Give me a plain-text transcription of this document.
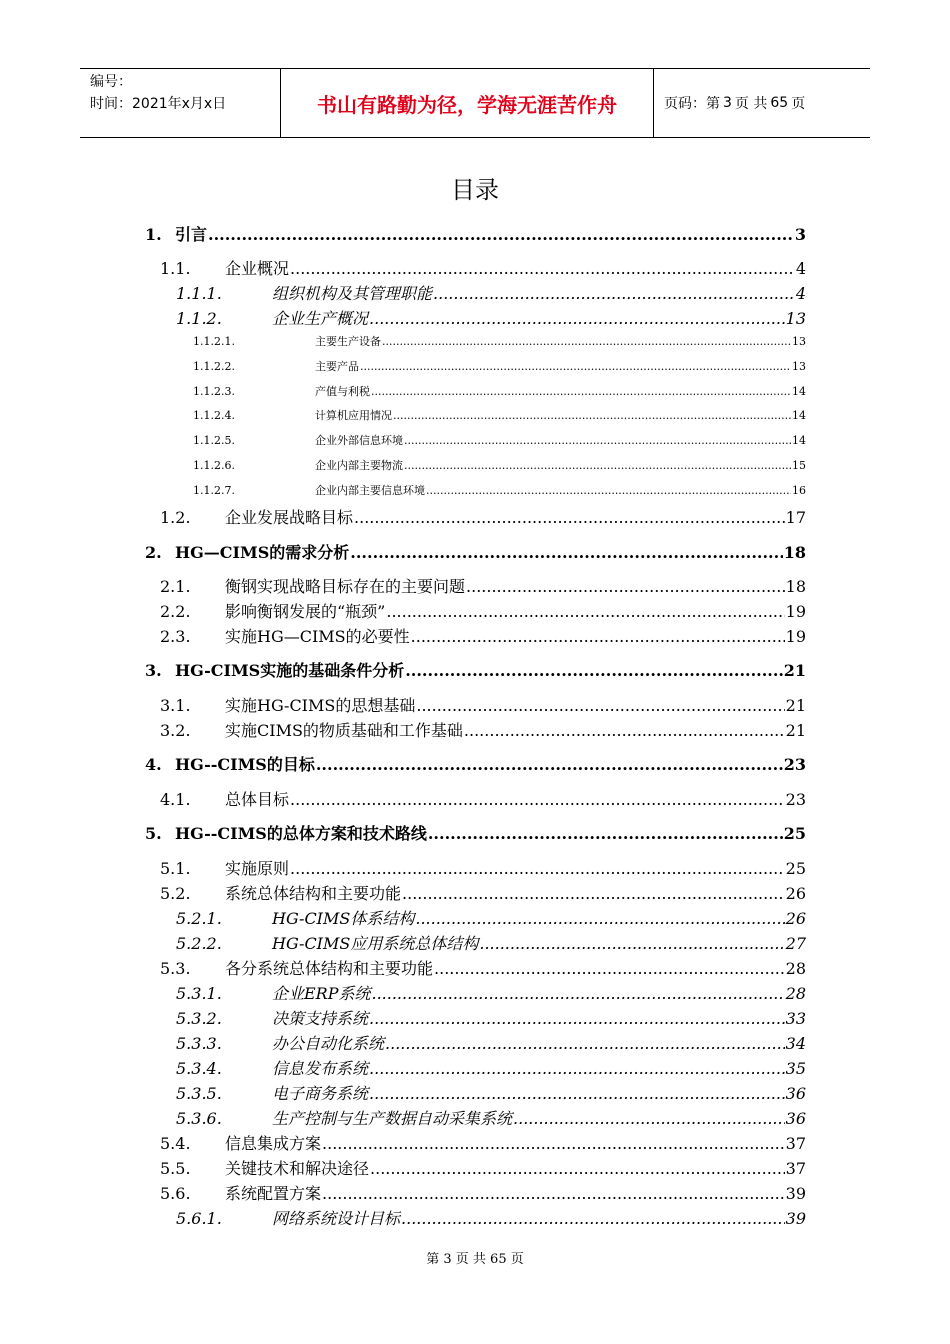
编号：
时间：2021年x月x日	书山有路勤为径，学海无涯苦作舟	页码：第 3 页 共 65 页
目录
1. 引言 .....	3
1.1.	企业概况 .....	4
1.1.1.	组织机构及其管理职能 .....	4
1.1.2.	企业生产概况 .....	13
1.1.2.1.	主要生产设备 .....	13
1.1.2.2.	主要产品 .....	13
1.1.2.3.	产值与利税 .....	14
1.1.2.4.	计算机应用情况 .....	14
1.1.2.5.	企业外部信息环境 .....	14
1.1.2.6.	企业内部主要物流 .....	15
1.1.2.7.	企业内部主要信息环境 .....	16
1.2.	企业发展战略目标 .....	17
2. HG—CIMS的需求分析 .....	18
2.1.	衡钢实现战略目标存在的主要问题 .....	18
2.2.	影响衡钢发展的“瓶颈” .....	19
2.3.	实施HG—CIMS的必要性 .....	19
3. HG-CIMS实施的基础条件分析 .....	21
3.1.	实施HG-CIMS的思想基础 .....	21
3.2.	实施CIMS的物质基础和工作基础 .....	21
4. HG--CIMS的目标 .....	23
4.1.	总体目标 .....	23
5. HG--CIMS的总体方案和技术路线 .....	25
5.1.	实施原则 .....	25
5.2.	系统总体结构和主要功能 .....	26
5.2.1.	HG-CIMS体系结构 .....	26
5.2.2.	HG-CIMS应用系统总体结构 .....	27
5.3.	各分系统总体结构和主要功能 .....	28
5.3.1.	企业ERP系统 .....	28
5.3.2.	决策支持系统 .....	33
5.3.3.	办公自动化系统 .....	34
5.3.4.	信息发布系统 .....	35
5.3.5.	电子商务系统 .....	36
5.3.6.	生产控制与生产数据自动采集系统 .....	36
5.4.	信息集成方案 .....	37
5.5.	关键技术和解决途径 .....	37
5.6.	系统配置方案 .....	39
5.6.1.	网络系统设计目标 .....	39
第 3 页 共 65 页
